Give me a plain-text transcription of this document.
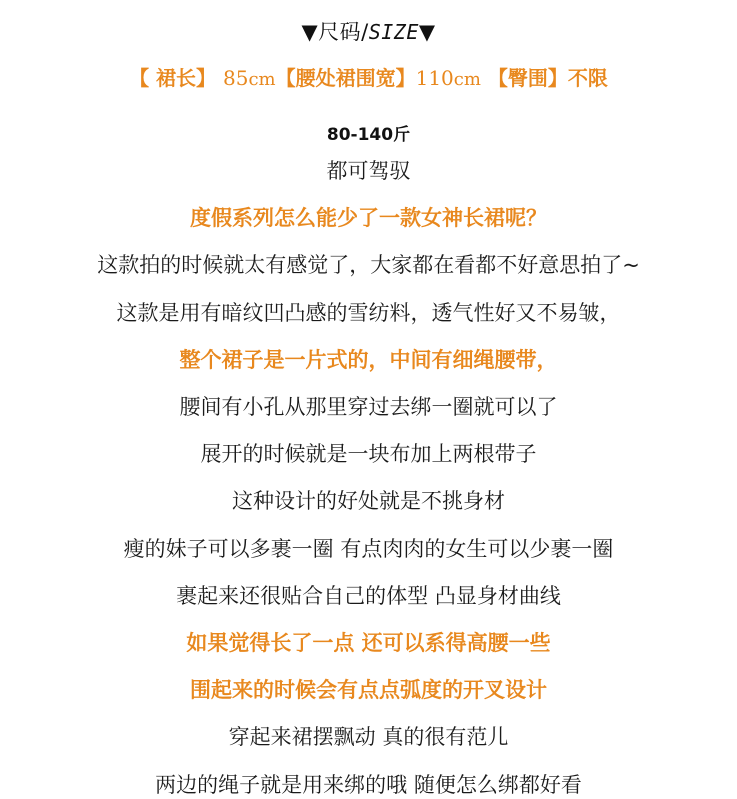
▼尺码/SIZE▼
【 裙长】 85cm【腰处裙围宽】110cm 【臀围】不限
80-140斤
都可驾驭
度假系列怎么能少了一款女神长裙呢？
这款拍的时候就太有感觉了，大家都在看都不好意思拍了~
这款是用有暗纹凹凸感的雪纺料，透气性好又不易皱，
整个裙子是一片式的，中间有细绳腰带，
腰间有小孔从那里穿过去绑一圈就可以了
展开的时候就是一块布加上两根带子
这种设计的好处就是不挑身材
瘦的妹子可以多裹一圈 有点肉肉的女生可以少裹一圈
裹起来还很贴合自己的体型 凸显身材曲线
如果觉得长了一点 还可以系得高腰一些
围起来的时候会有点点弧度的开叉设计
穿起来裙摆飘动 真的很有范儿
两边的绳子就是用来绑的哦 随便怎么绑都好看
